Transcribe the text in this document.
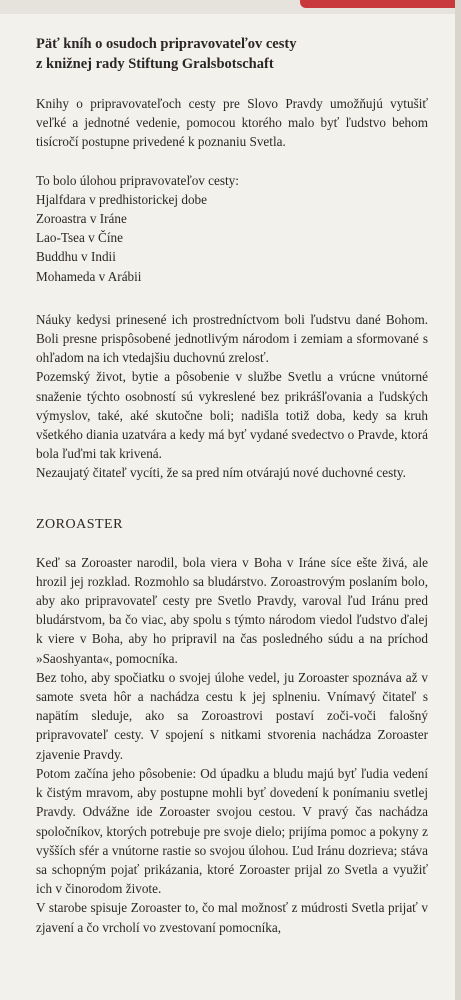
Päť kníh o osudoch pripravovateľov cesty
z knižnej rady Stiftung Gralsbotschaft

Knihy o pripravovateľoch cesty pre Slovo Pravdy umožňujú vytušiť veľké a jednotné vedenie, pomocou ktorého malo byť ľudstvo behom tisícročí postupne privedené k poznaniu Svetla.

To bolo úlohou pripravovateľov cesty:
Hjalfdara v predhistorickej dobe
Zoroastra v Iráne
Lao-Tsea v Číne
Buddhu v Indii
Mohameda v Arábii

Náuky kedysi prinesené ich prostredníctvom boli ľudstvu dané Bohom. Boli presne prispôsobené jednotlivým národom i zemiam a sformované s ohľadom na ich vtedajšiu duchovnú zrelosť.

Pozemský život, bytie a pôsobenie v službe Svetlu a vrúcne vnútorné snaženie týchto osobností sú vykreslené bez prikrášľovania a ľudských výmyslov, také, aké skutočne boli; nadišla totiž doba, kedy sa kruh všetkého diania uzatvára a kedy má byť vydané svedectvo o Pravde, ktorá bola ľuďmi tak krivená.

Nezaujatý čitateľ vycíti, že sa pred ním otvárajú nové duchovné cesty.

ZOROASTER

Keď sa Zoroaster narodil, bola viera v Boha v Iráne síce ešte živá, ale hrozil jej rozklad. Rozmohlo sa bludárstvo. Zoroastrovým poslaním bolo, aby ako pripravovateľ cesty pre Svetlo Pravdy, varoval ľud Iránu pred bludárstvom, ba čo viac, aby spolu s týmto národom viedol ľudstvo ďalej k viere v Boha, aby ho pripravil na čas posledného súdu a na príchod »Saoshyanta«, pomocníka.

Bez toho, aby spočiatku o svojej úlohe vedel, ju Zoroaster spoznáva až v samote sveta hôr a nachádza cestu k jej splneniu. Vnímavý čitateľ s napätím sleduje, ako sa Zoroastrovi postaví zoči-voči falošný pripravovateľ cesty. V spojení s nitkami stvorenia nachádza Zoroaster zjavenie Pravdy.

Potom začína jeho pôsobenie: Od úpadku a bludu majú byť ľudia vedení k čistým mravom, aby postupne mohli byť dovedení k ponímaniu svetlej Pravdy. Odvážne ide Zoroaster svojou cestou. V pravý čas nachádza spoločníkov, ktorých potrebuje pre svoje dielo; prijíma pomoc a pokyny z vyšších sfér a vnútorne rastie so svojou úlohou. Ľud Iránu dozrieva; stáva sa schopným pojať prikázania, ktoré Zoroaster prijal zo Svetla a využiť ich v činorodom živote.

V starobe spisuje Zoroaster to, čo mal možnosť z múdrosti Svetla prijať v zjavení a čo vrcholí vo zvestovaní pomocníka,
